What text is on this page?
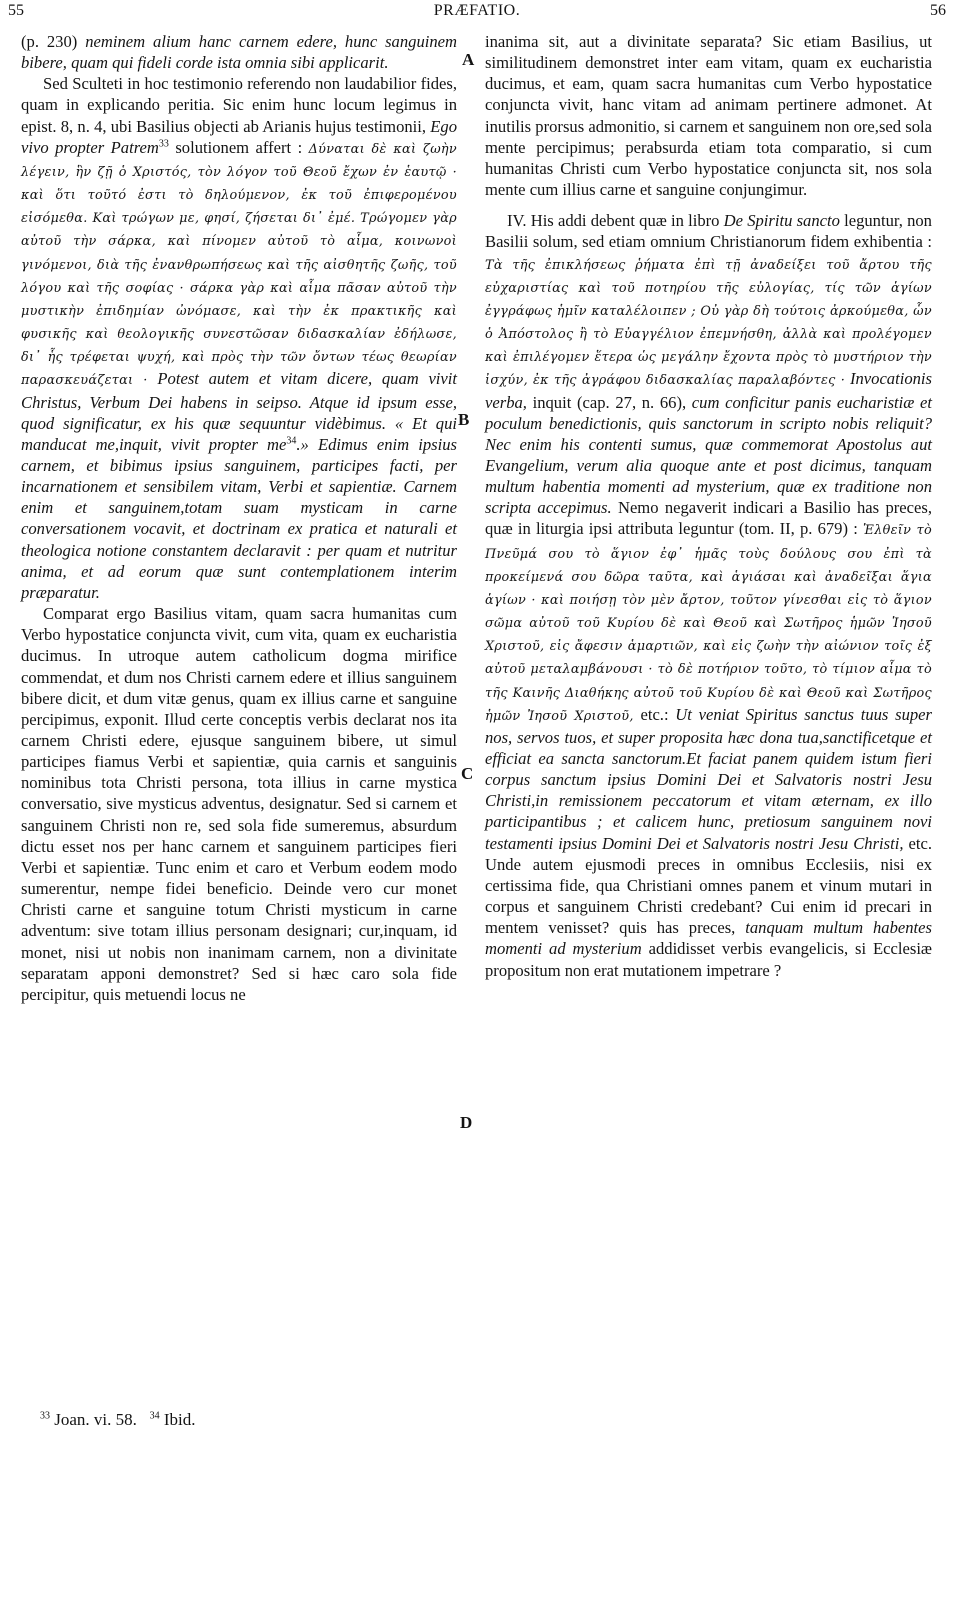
55	PRÆFATIO.	56

(p. 230) neminem alium hanc carnem edere, hunc sanguinem bibere, quam qui fideli corde ista omnia sibi applicarit.

Sed Sculteti in hoc testimonio referendo non laudabilior fides, quam in explicando peritia. Sic enim hunc locum legimus in epist. 8, n. 4, ubi Basilius objecti ab Arianis hujus testimonii, Ego vivo propter Patrem$^{33}$ solutionem affert : Δύναται δὲ καὶ ζωὴν λέγειν, ἣν ζῇ ὁ Χριστός, τὸν λόγον τοῦ Θεοῦ ἔχων ἐν ἑαυτῷ · καὶ ὅτι τοῦτό ἐστι τὸ δηλούμενον, ἐκ τοῦ ἐπιφερομένου εἰσόμεθα. Καὶ τρώγων με, φησί, ζήσεται δι᾽ ἐμέ. Τρώγομεν γὰρ αὐτοῦ τὴν σάρκα, καὶ πίνομεν αὐτοῦ τὸ αἷμα, κοινωνοὶ γινόμενοι, διὰ τῆς ἐνανθρωπήσεως καὶ τῆς αἰσθητῆς ζωῆς, τοῦ λόγου καὶ τῆς σοφίας · σάρκα γὰρ καὶ αἷμα πᾶσαν αὐτοῦ τὴν μυστικὴν ἐπιδημίαν ὠνόμασε, καὶ τὴν ἐκ πρακτικῆς καὶ φυσικῆς καὶ θεολογικῆς συνεστῶσαν διδασκαλίαν ἐδήλωσε, δι᾽ ἧς τρέφεται ψυχή, καὶ πρὸς τὴν τῶν ὄντων τέως θεωρίαν παρασκευάζεται · Potest autem et vitam dicere, quam vivit Christus, Verbum Dei habens in seipso. Atque id ipsum esse, quod significatur, ex his quæ sequuntur vidèbimus. « Et qui manducat me,inquit, vivit propter $me^{34}$.» Edimus enim ipsius carnem, et bibimus ipsius sanguinem, participes facti, per incarnationem et sensibilem vitam, Verbi et sapientiæ. Carnem enim et sanguinem,totam suam mysticam in carne conversationem vocavit, et doctrinam ex pratica et naturali et theologica notione constantem declaravit : per quam et nutritur anima, et ad eorum quæ sunt contemplationem interim præparatur.

Comparat ergo Basilius vitam, quam sacra humanitas cum Verbo hypostatice conjuncta vivit, cum vita, quam ex eucharistia ducimus. In utroque autem catholicum dogma mirifice commendat, et dum nos Christi carnem edere et illius sanguinem bibere dicit, et dum vitæ genus, quam ex illius carne et sanguine percipimus, exponit. Illud certe conceptis verbis declarat nos ita carnem Christi edere, ejusque sanguinem bibere, ut simul participes fiamus Verbi et sapientiæ, quia carnis et sanguinis nominibus tota Christi persona, tota illius in carne mystica conversatio, sive mysticus adventus, designatur. Sed si carnem et sanguinem Christi non re, sed sola fide sumeremus, absurdum dictu esset nos per hanc carnem et sanguinem participes fieri Verbi et sapientiæ. Tunc enim et caro et Verbum eodem modo sumerentur, nempe fidei beneficio. Deinde vero cur monet Christi carne et sanguine totum Christi mysticum in carne adventum: sive totam illius personam designari; cur,inquam, id monet, nisi ut nobis non inanimam carnem, non a divinitate separatam apponi demonstret? Sed si hæc caro sola fide percipitur, quis metuendi locus ne

inanima sit, aut a divinitate separata? Sic etiam Basilius, ut similitudinem demonstret inter eam vitam, quam ex eucharistia ducimus, et eam, quam sacra humanitas cum Verbo hypostatice conjuncta vivit, hanc vitam ad animam pertinere admonet. At inutilis prorsus admonitio, si carnem et sanguinem non ore,sed sola mente percipimus; perabsurda etiam tota comparatio, si cum humanitas Christi cum Verbo hypostatice conjuncta sit, nos sola mente cum illius carne et sanguine conjungimur.

IV. His addi debent quæ in libro De Spiritu sancto leguntur, non Basilii solum, sed etiam omnium Christianorum fidem exhibentia : Τὰ τῆς ἐπικλήσεως ῥήματα ἐπὶ τῇ ἀναδείξει τοῦ ἄρτου τῆς εὐχαριστίας καὶ τοῦ ποτηρίου τῆς εὐλογίας, τίς τῶν ἁγίων ἐγγράφως ἡμῖν καταλέλοιπεν ; Οὐ γὰρ δὴ τούτοις ἀρκούμεθα, ὧν ὁ Ἀπόστολος ἢ τὸ Εὐαγγέλιον ἐπεμνήσθη, ἀλλὰ καὶ προλέγομεν καὶ ἐπιλέγομεν ἕτερα ὡς μεγάλην ἔχοντα πρὸς τὸ μυστήριον τὴν ἰσχύν, ἐκ τῆς ἀγράφου διδασκαλίας παραλαβόντες · Invocationis verba, inquit (cap. 27, n. 66), cum conficitur panis eucharistiæ et poculum benedictionis, quis sanctorum in scripto nobis reliquit? Nec enim his contenti sumus, quæ commemorat Apostolus aut Evangelium, verum alia quoque ante et post dicimus, tanquam multum habentia momenti ad mysterium, quæ ex traditione non scripta accepimus. Nemo negaverit indicari a Basilio has preces, quæ in liturgia ipsi attributa leguntur (tom. II, p. 679) : Ἐλθεῖν τὸ Πνεῦμά σου τὸ ἅγιον ἐφ᾽ ἡμᾶς τοὺς δούλους σου ἐπὶ τὰ προκείμενά σου δῶρα ταῦτα, καὶ ἁγιάσαι καὶ ἀναδεῖξαι ἅγια ἁγίων · καὶ ποιήσῃ τὸν μὲν ἄρτον, τοῦτον γίνεσθαι εἰς τὸ ἅγιον σῶμα αὐτοῦ τοῦ Κυρίου δὲ καὶ Θεοῦ καὶ Σωτῆρος ἡμῶν Ἰησοῦ Χριστοῦ, εἰς ἄφεσιν ἁμαρτιῶν, καὶ εἰς ζωὴν τὴν αἰώνιον τοῖς ἐξ αὐτοῦ μεταλαμβάνουσι · τὸ δὲ ποτήριον τοῦτο, τὸ τίμιον αἷμα τὸ τῆς Καινῆς Διαθήκης αὐτοῦ τοῦ Κυρίου δὲ καὶ Θεοῦ καὶ Σωτῆρος ἡμῶν Ἰησοῦ Χριστοῦ, etc.: Ut veniat Spiritus sanctus tuus super nos, servos tuos, et super proposita hæc dona tua,sanctificetque et efficiat ea sancta sanctorum.Et faciat panem quidem istum fieri corpus sanctum ipsius Domini Dei et Salvatoris nostri Jesu Christi,in remissionem peccatorum et vitam æternam, ex illo participantibus ; et calicem hunc, pretiosum sanguinem novi testamenti ipsius Domini Dei et Salvatoris nostri Jesu Christi, etc. Unde autem ejusmodi preces in omnibus Ecclesiis, nisi ex certissima fide, qua Christiani omnes panem et vinum mutari in corpus et sanguinem Christi credebant? Cui enim id precari in mentem venisset? quis has preces, tanquam multum habentes momenti ad mysterium addidisset verbis evangelicis, si Ecclesiæ propositum non erat mutationem impetrare ?

A
B
C
D
$^{33}$ Joan. vi. 58. $^{34}$ Ibid.
